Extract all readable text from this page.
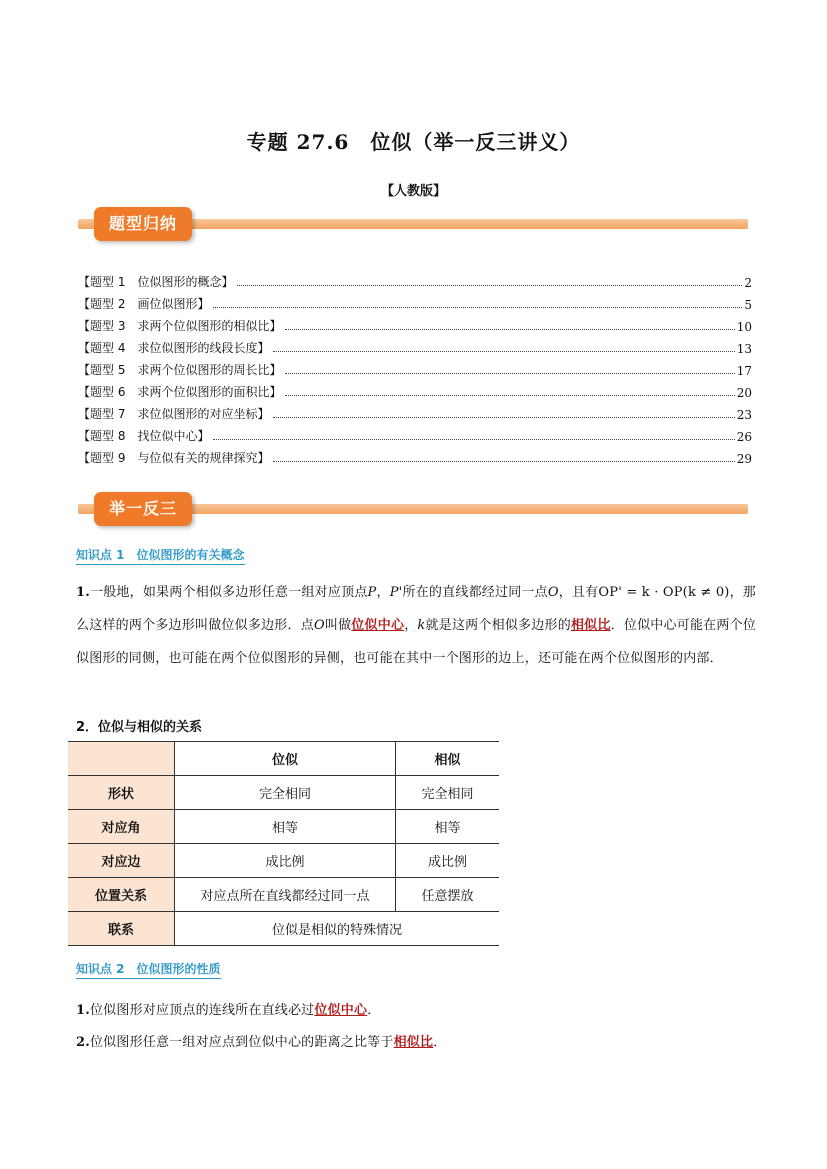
专题 27.6　位似（举一反三讲义）
【人教版】
题型归纳
【题型 1　位似图形的概念】	2
【题型 2　画位似图形】	5
【题型 3　求两个位似图形的相似比】	10
【题型 4　求位似图形的线段长度】	13
【题型 5　求两个位似图形的周长比】	17
【题型 6　求两个位似图形的面积比】	20
【题型 7　求位似图形的对应坐标】	23
【题型 8　找位似中心】	26
【题型 9　与位似有关的规律探究】	29
举一反三
知识点 1　位似图形的有关概念
1.一般地，如果两个相似多边形任意一组对应顶点P，P'所在的直线都经过同一点O，且有OP' = k · OP(k ≠ 0)，那么这样的两个多边形叫做位似多边形．点O叫做位似中心，k就是这两个相似多边形的相似比．位似中心可能在两个位似图形的同侧，也可能在两个位似图形的异侧，也可能在其中一个图形的边上，还可能在两个位似图形的内部．
2．位似与相似的关系
	位似	相似
形状	完全相同	完全相同
对应角	相等	相等
对应边	成比例	成比例
位置关系	对应点所在直线都经过同一点	任意摆放
联系	位似是相似的特殊情况	
知识点 2　位似图形的性质
1.位似图形对应顶点的连线所在直线必过位似中心．
2.位似图形任意一组对应点到位似中心的距离之比等于相似比．
